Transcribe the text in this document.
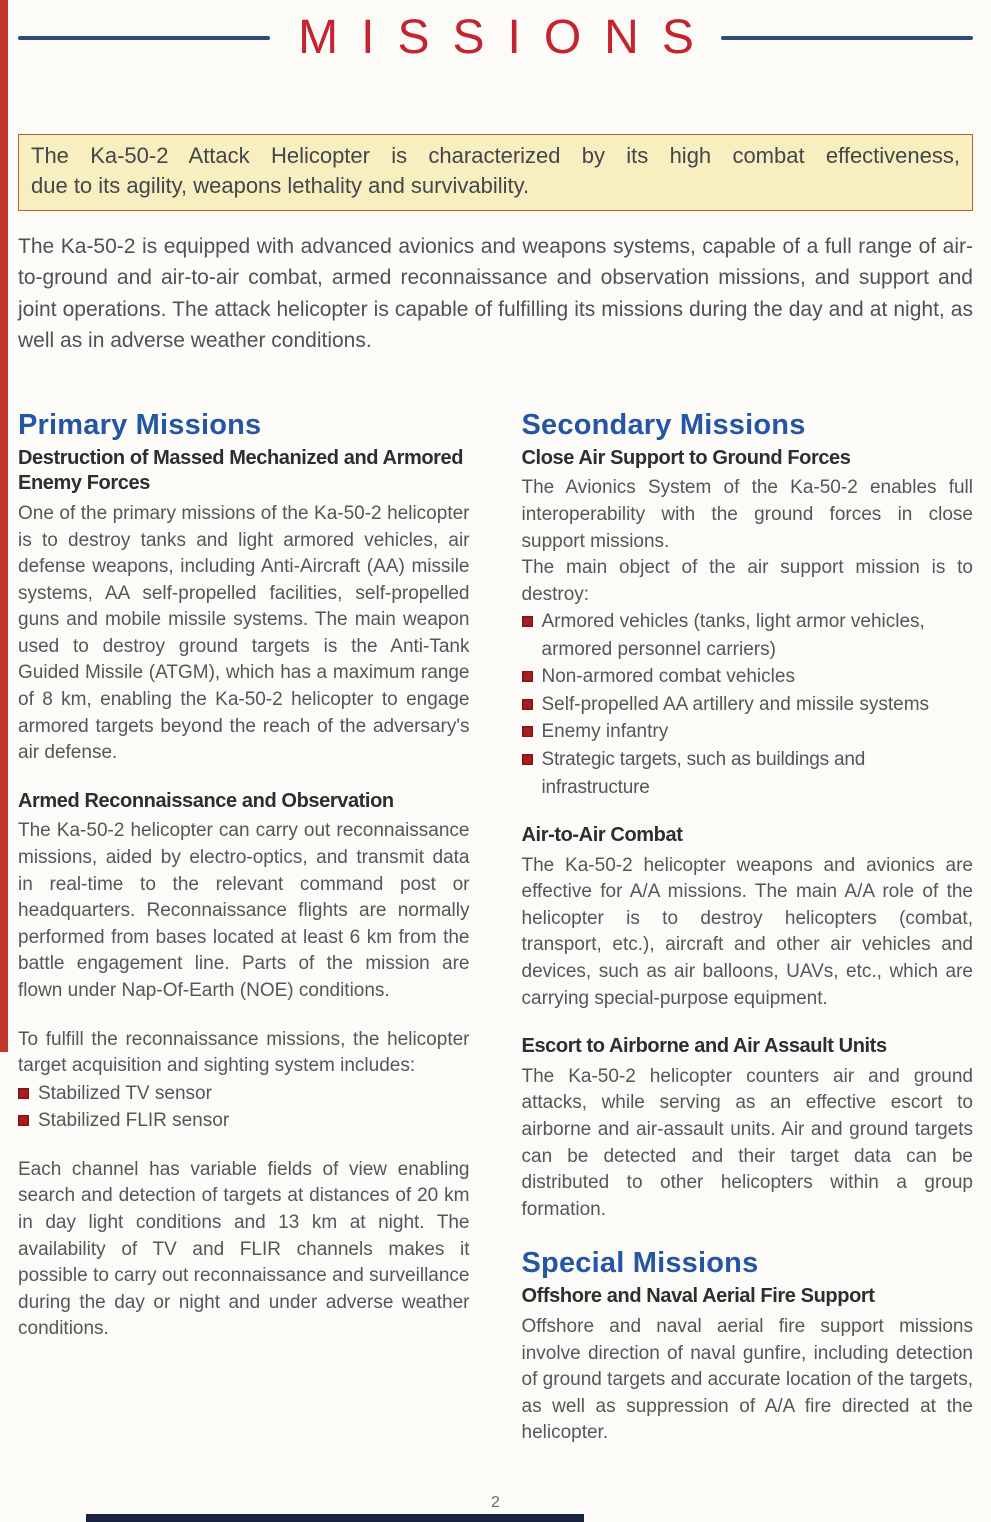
MISSIONS
The Ka-50-2 Attack Helicopter is characterized by its high combat effectiveness,
due to its agility, weapons lethality and survivability.

The Ka-50-2 is equipped with advanced avionics and weapons systems, capable of a full range of air-to-ground and air-to-air combat, armed reconnaissance and observation missions, and support and joint operations. The attack helicopter is capable of fulfilling its missions during the day and at night, as well as in adverse weather conditions.

Primary Missions
Destruction of Massed Mechanized and Armored Enemy Forces

One of the primary missions of the Ka-50-2 helicopter is to destroy tanks and light armored vehicles, air defense weapons, including Anti-Aircraft (AA) missile systems, AA self-propelled facilities, self-propelled guns and mobile missile systems. The main weapon used to destroy ground targets is the Anti-Tank Guided Missile (ATGM), which has a maximum range of 8 km, enabling the Ka-50-2 helicopter to engage armored targets beyond the reach of the adversary's air defense.

Armed Reconnaissance and Observation

The Ka-50-2 helicopter can carry out reconnaissance missions, aided by electro-optics, and transmit data in real-time to the relevant command post or headquarters. Reconnaissance flights are normally performed from bases located at least 6 km from the battle engagement line. Parts of the mission are flown under Nap-Of-Earth (NOE) conditions.

To fulfill the reconnaissance missions, the helicopter target acquisition and sighting system includes:

Stabilized TV sensor
Stabilized FLIR sensor

Each channel has variable fields of view enabling search and detection of targets at distances of 20 km in day light conditions and 13 km at night. The availability of TV and FLIR channels makes it possible to carry out reconnaissance and surveillance during the day or night and under adverse weather conditions.

Secondary Missions
Close Air Support to Ground Forces

The Avionics System of the Ka-50-2 enables full interoperability with the ground forces in close support missions.

The main object of the air support mission is to destroy:

Armored vehicles (tanks, light armor vehicles, armored personnel carriers)
Non-armored combat vehicles
Self-propelled AA artillery and missile systems
Enemy infantry
Strategic targets, such as buildings and infrastructure
Air-to-Air Combat

The Ka-50-2 helicopter weapons and avionics are effective for A/A missions. The main A/A role of the helicopter is to destroy helicopters (combat, transport, etc.), aircraft and other air vehicles and devices, such as air balloons, UAVs, etc., which are carrying special-purpose equipment.

Escort to Airborne and Air Assault Units

The Ka-50-2 helicopter counters air and ground attacks, while serving as an effective escort to airborne and air-assault units. Air and ground targets can be detected and their target data can be distributed to other helicopters within a group formation.

Special Missions
Offshore and Naval Aerial Fire Support

Offshore and naval aerial fire support missions involve direction of naval gunfire, including detection of ground targets and accurate location of the targets, as well as suppression of A/A fire directed at the helicopter.

2
